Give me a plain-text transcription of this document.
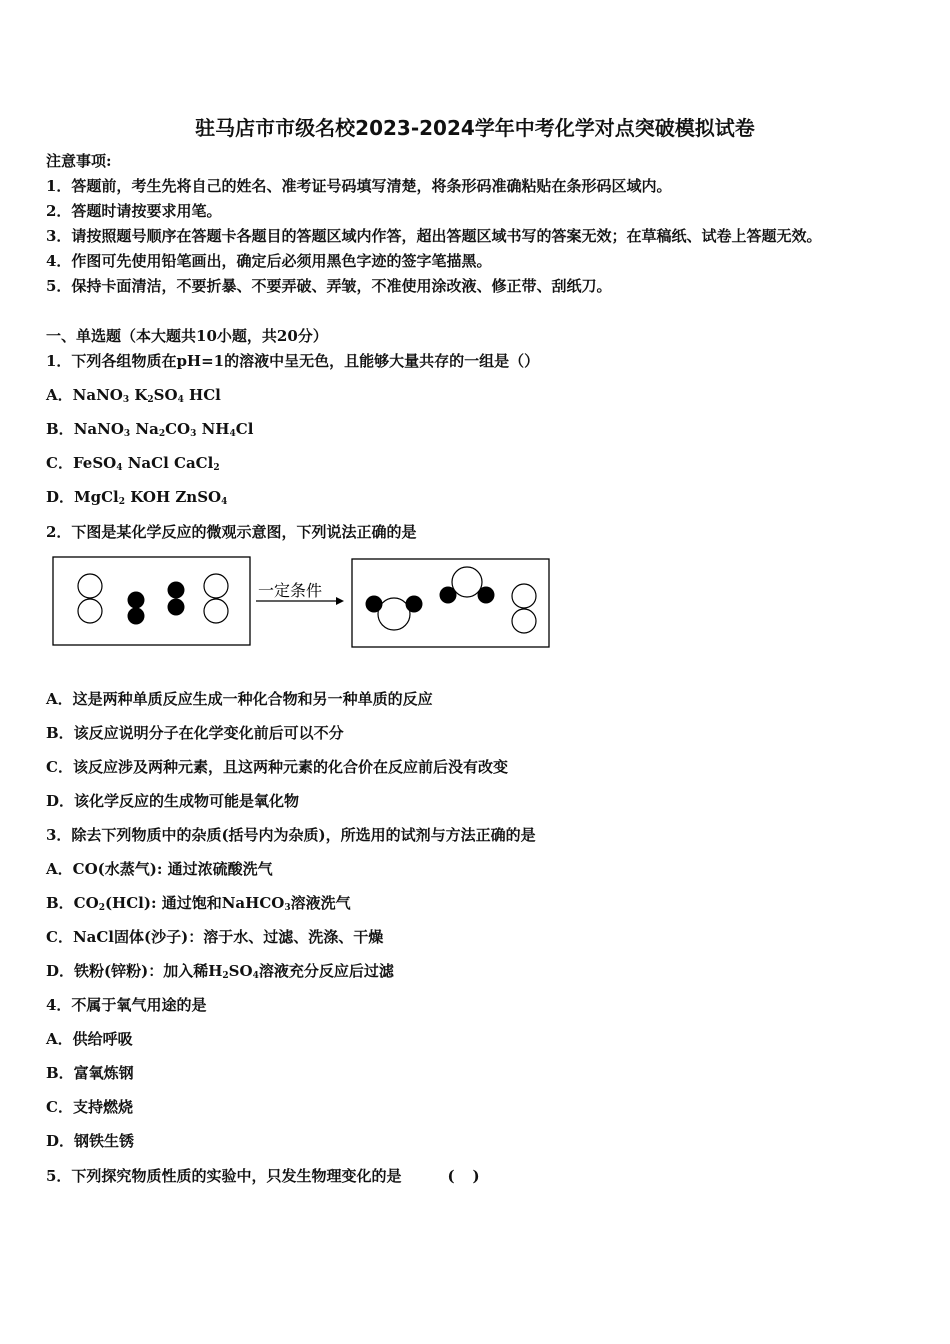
驻马店市市级名校2023-2024学年中考化学对点突破模拟试卷
注意事项:
1．答题前，考生先将自己的姓名、准考证号码填写清楚，将条形码准确粘贴在条形码区域内。
2．答题时请按要求用笔。
3．请按照题号顺序在答题卡各题目的答题区域内作答，超出答题区域书写的答案无效；在草稿纸、试卷上答题无效。
4．作图可先使用铅笔画出，确定后必须用黑色字迹的签字笔描黑。
5．保持卡面清洁，不要折暴、不要弄破、弄皱，不准使用涂改液、修正带、刮纸刀。
一、单选题（本大题共10小题，共20分）
1．下列各组物质在pH=1的溶液中呈无色，且能够大量共存的一组是（）
A．NaNO$_3$ $K_2SO_4$ HCl
B．NaNO$_3$ $Na_2CO_3$ $NH_4Cl$
C．FeSO$_4$ NaCl CaCl$_2$
D．MgCl$_2$ KOH ZnSO$_4$
2．下图是某化学反应的微观示意图，下列说法正确的是
一定条件
A．这是两种单质反应生成一种化合物和另一种单质的反应
B．该反应说明分子在化学变化前后可以不分
C．该反应涉及两种元素，且这两种元素的化合价在反应前后没有改变
D．该化学反应的生成物可能是氧化物
3．除去下列物质中的杂质(括号内为杂质)，所选用的试剂与方法正确的是
A．CO(水蒸气): 通过浓硫酸洗气
B．$CO_2(HCl)$: 通过饱和NaHCO$_3$溶液洗气
C．NaCl固体(沙子)：溶于水、过滤、洗涤、干燥
D．铁粉(锌粉)：加入稀$H_2SO_4$溶液充分反应后过滤
4．不属于氧气用途的是
A．供给呼吸
B．富氧炼钢
C．支持燃烧
D．钢铁生锈
5．下列探究物质性质的实验中，只发生物理变化的是	()
